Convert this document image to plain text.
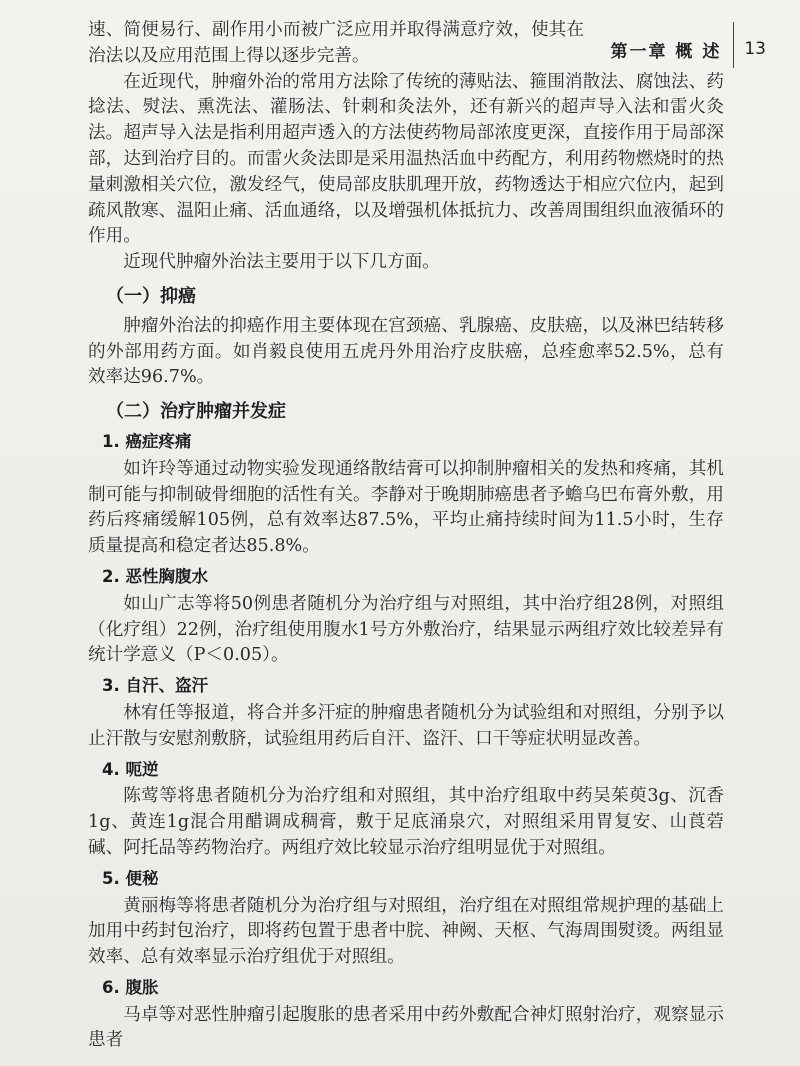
第一章 概 述	13

速、简便易行、副作用小而被广泛应用并取得满意疗效，使其在治法以及应用范围上得以逐步完善。

在近现代，肿瘤外治的常用方法除了传统的薄贴法、箍围消散法、腐蚀法、药捻法、熨法、熏洗法、灌肠法、针刺和灸法外，还有新兴的超声导入法和雷火灸法。超声导入法是指利用超声透入的方法使药物局部浓度更深，直接作用于局部深部，达到治疗目的。而雷火灸法即是采用温热活血中药配方，利用药物燃烧时的热量刺激相关穴位，激发经气，使局部皮肤肌理开放，药物透达于相应穴位内，起到疏风散寒、温阳止痛、活血通络，以及增强机体抵抗力、改善周围组织血液循环的作用。

近现代肿瘤外治法主要用于以下几方面。

（一）抑癌

肿瘤外治法的抑癌作用主要体现在宫颈癌、乳腺癌、皮肤癌，以及淋巴结转移的外部用药方面。如肖毅良使用五虎丹外用治疗皮肤癌，总痊愈率52.5%，总有效率达96.7%。

（二）治疗肿瘤并发症
1. 癌症疼痛

如许玲等通过动物实验发现通络散结膏可以抑制肿瘤相关的发热和疼痛，其机制可能与抑制破骨细胞的活性有关。李静对于晚期肺癌患者予蟾乌巴布膏外敷，用药后疼痛缓解105例，总有效率达87.5%，平均止痛持续时间为11.5小时，生存质量提高和稳定者达85.8%。

2. 恶性胸腹水

如山广志等将50例患者随机分为治疗组与对照组，其中治疗组28例，对照组（化疗组）22例，治疗组使用腹水1号方外敷治疗，结果显示两组疗效比较差异有统计学意义（P＜0.05）。

3. 自汗、盗汗

林宥任等报道，将合并多汗症的肿瘤患者随机分为试验组和对照组，分别予以止汗散与安慰剂敷脐，试验组用药后自汗、盗汗、口干等症状明显改善。

4. 呃逆

陈莺等将患者随机分为治疗组和对照组，其中治疗组取中药吴茱萸3g、沉香1g、黄连1g混合用醋调成稠膏，敷于足底涌泉穴，对照组采用胃复安、山莨菪碱、阿托品等药物治疗。两组疗效比较显示治疗组明显优于对照组。

5. 便秘

黄丽梅等将患者随机分为治疗组与对照组，治疗组在对照组常规护理的基础上加用中药封包治疗，即将药包置于患者中脘、神阙、天枢、气海周围熨烫。两组显效率、总有效率显示治疗组优于对照组。

6. 腹胀

马卓等对恶性肿瘤引起腹胀的患者采用中药外敷配合神灯照射治疗，观察显示患者
